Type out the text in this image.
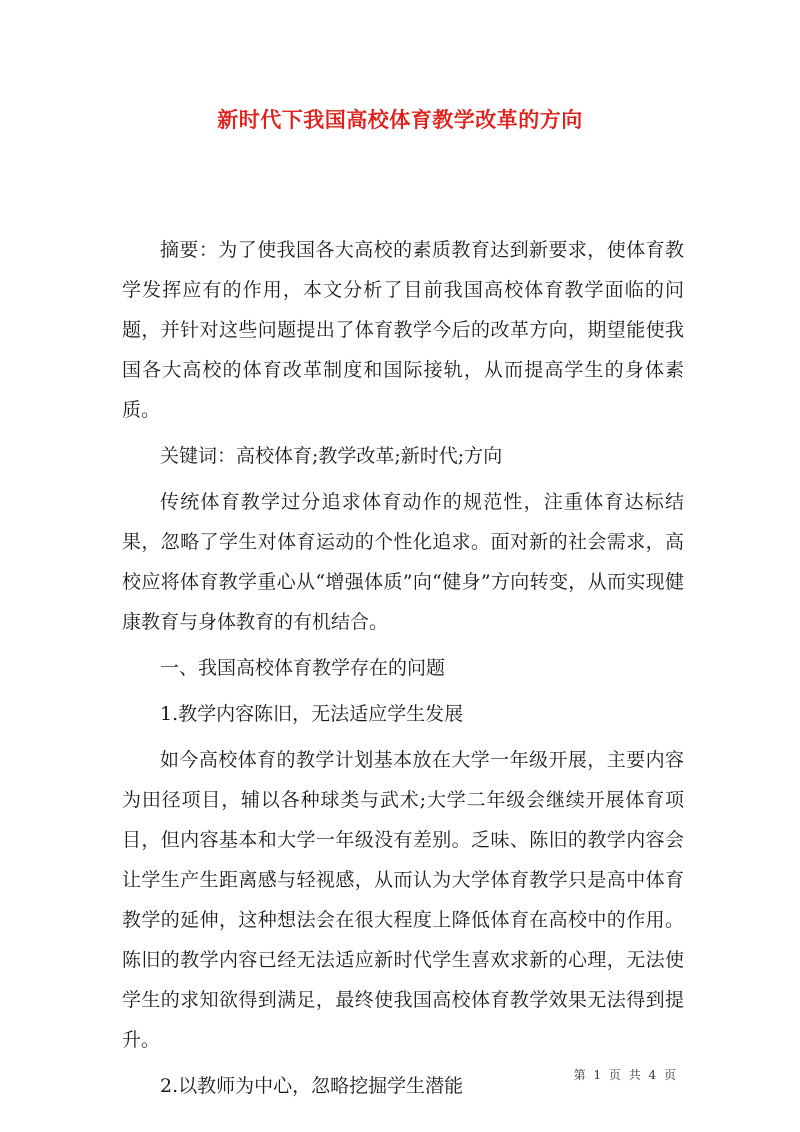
新时代下我国高校体育教学改革的方向

摘要：为了使我国各大高校的素质教育达到新要求，使体育教学发挥应有的作用，本文分析了目前我国高校体育教学面临的问题，并针对这些问题提出了体育教学今后的改革方向，期望能使我国各大高校的体育改革制度和国际接轨，从而提高学生的身体素质。

关键词：高校体育;教学改革;新时代;方向

传统体育教学过分追求体育动作的规范性，注重体育达标结果，忽略了学生对体育运动的个性化追求。面对新的社会需求，高校应将体育教学重心从“增强体质”向“健身”方向转变，从而实现健康教育与身体教育的有机结合。

一、我国高校体育教学存在的问题

1.教学内容陈旧，无法适应学生发展

如今高校体育的教学计划基本放在大学一年级开展，主要内容为田径项目，辅以各种球类与武术;大学二年级会继续开展体育项目，但内容基本和大学一年级没有差别。乏味、陈旧的教学内容会让学生产生距离感与轻视感，从而认为大学体育教学只是高中体育教学的延伸，这种想法会在很大程度上降低体育在高校中的作用。陈旧的教学内容已经无法适应新时代学生喜欢求新的心理，无法使学生的求知欲得到满足，最终使我国高校体育教学效果无法得到提升。

2.以教师为中心，忽略挖掘学生潜能	第 1 页 共 4 页
